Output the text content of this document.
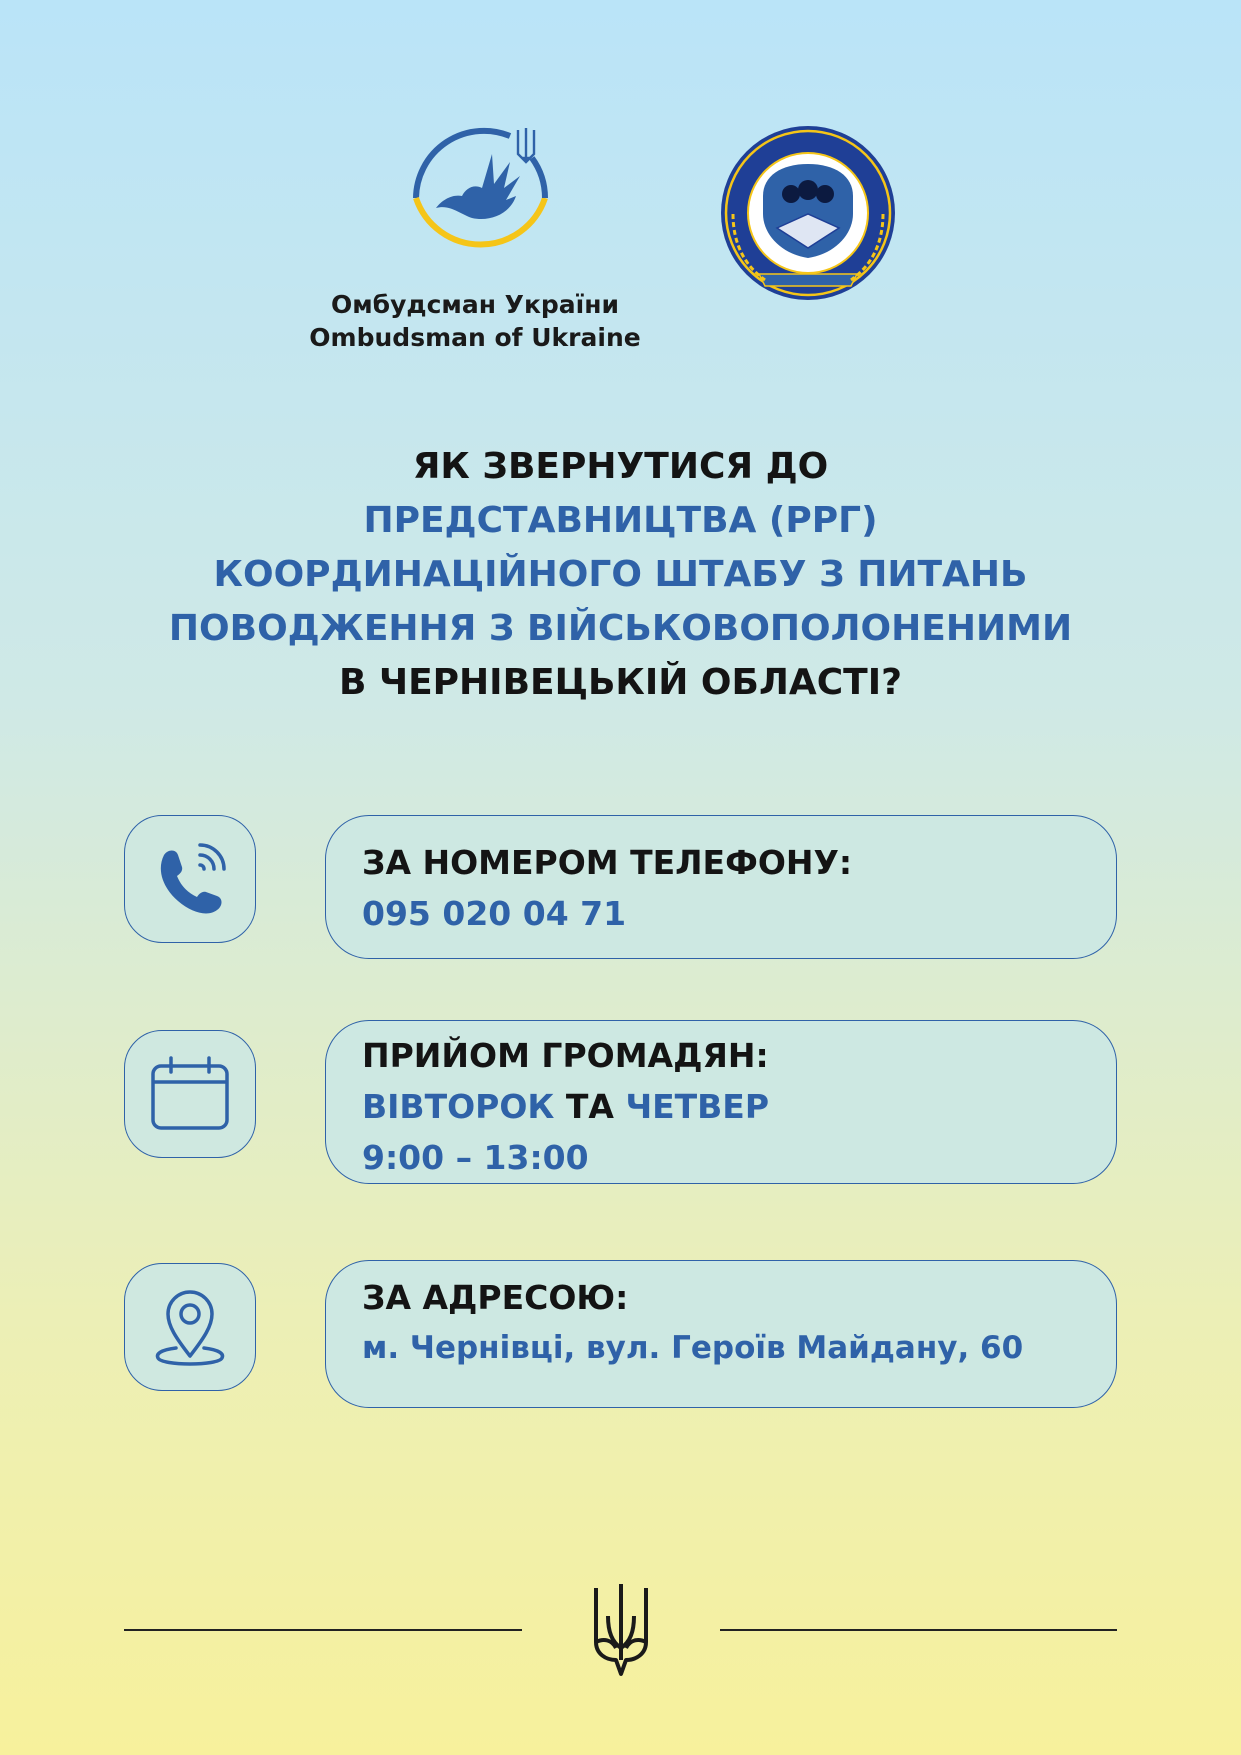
Омбудсман України
Ombudsman of Ukraine
ЯК ЗВЕРНУТИСЯ ДО
ПРЕДСТАВНИЦТВА (РРГ)
КООРДИНАЦІЙНОГО ШТАБУ З ПИТАНЬ
ПОВОДЖЕННЯ З ВІЙСЬКОВОПОЛОНЕНИМИ
В ЧЕРНІВЕЦЬКІЙ ОБЛАСТІ?
ЗА НОМЕРОМ ТЕЛЕФОНУ:
095 020 04 71
ПРИЙОМ ГРОМАДЯН:
ВІВТОРОК ТА ЧЕТВЕР
9:00 – 13:00
ЗА АДРЕСОЮ:
м. Чернівці, вул. Героїв Майдану, 60
